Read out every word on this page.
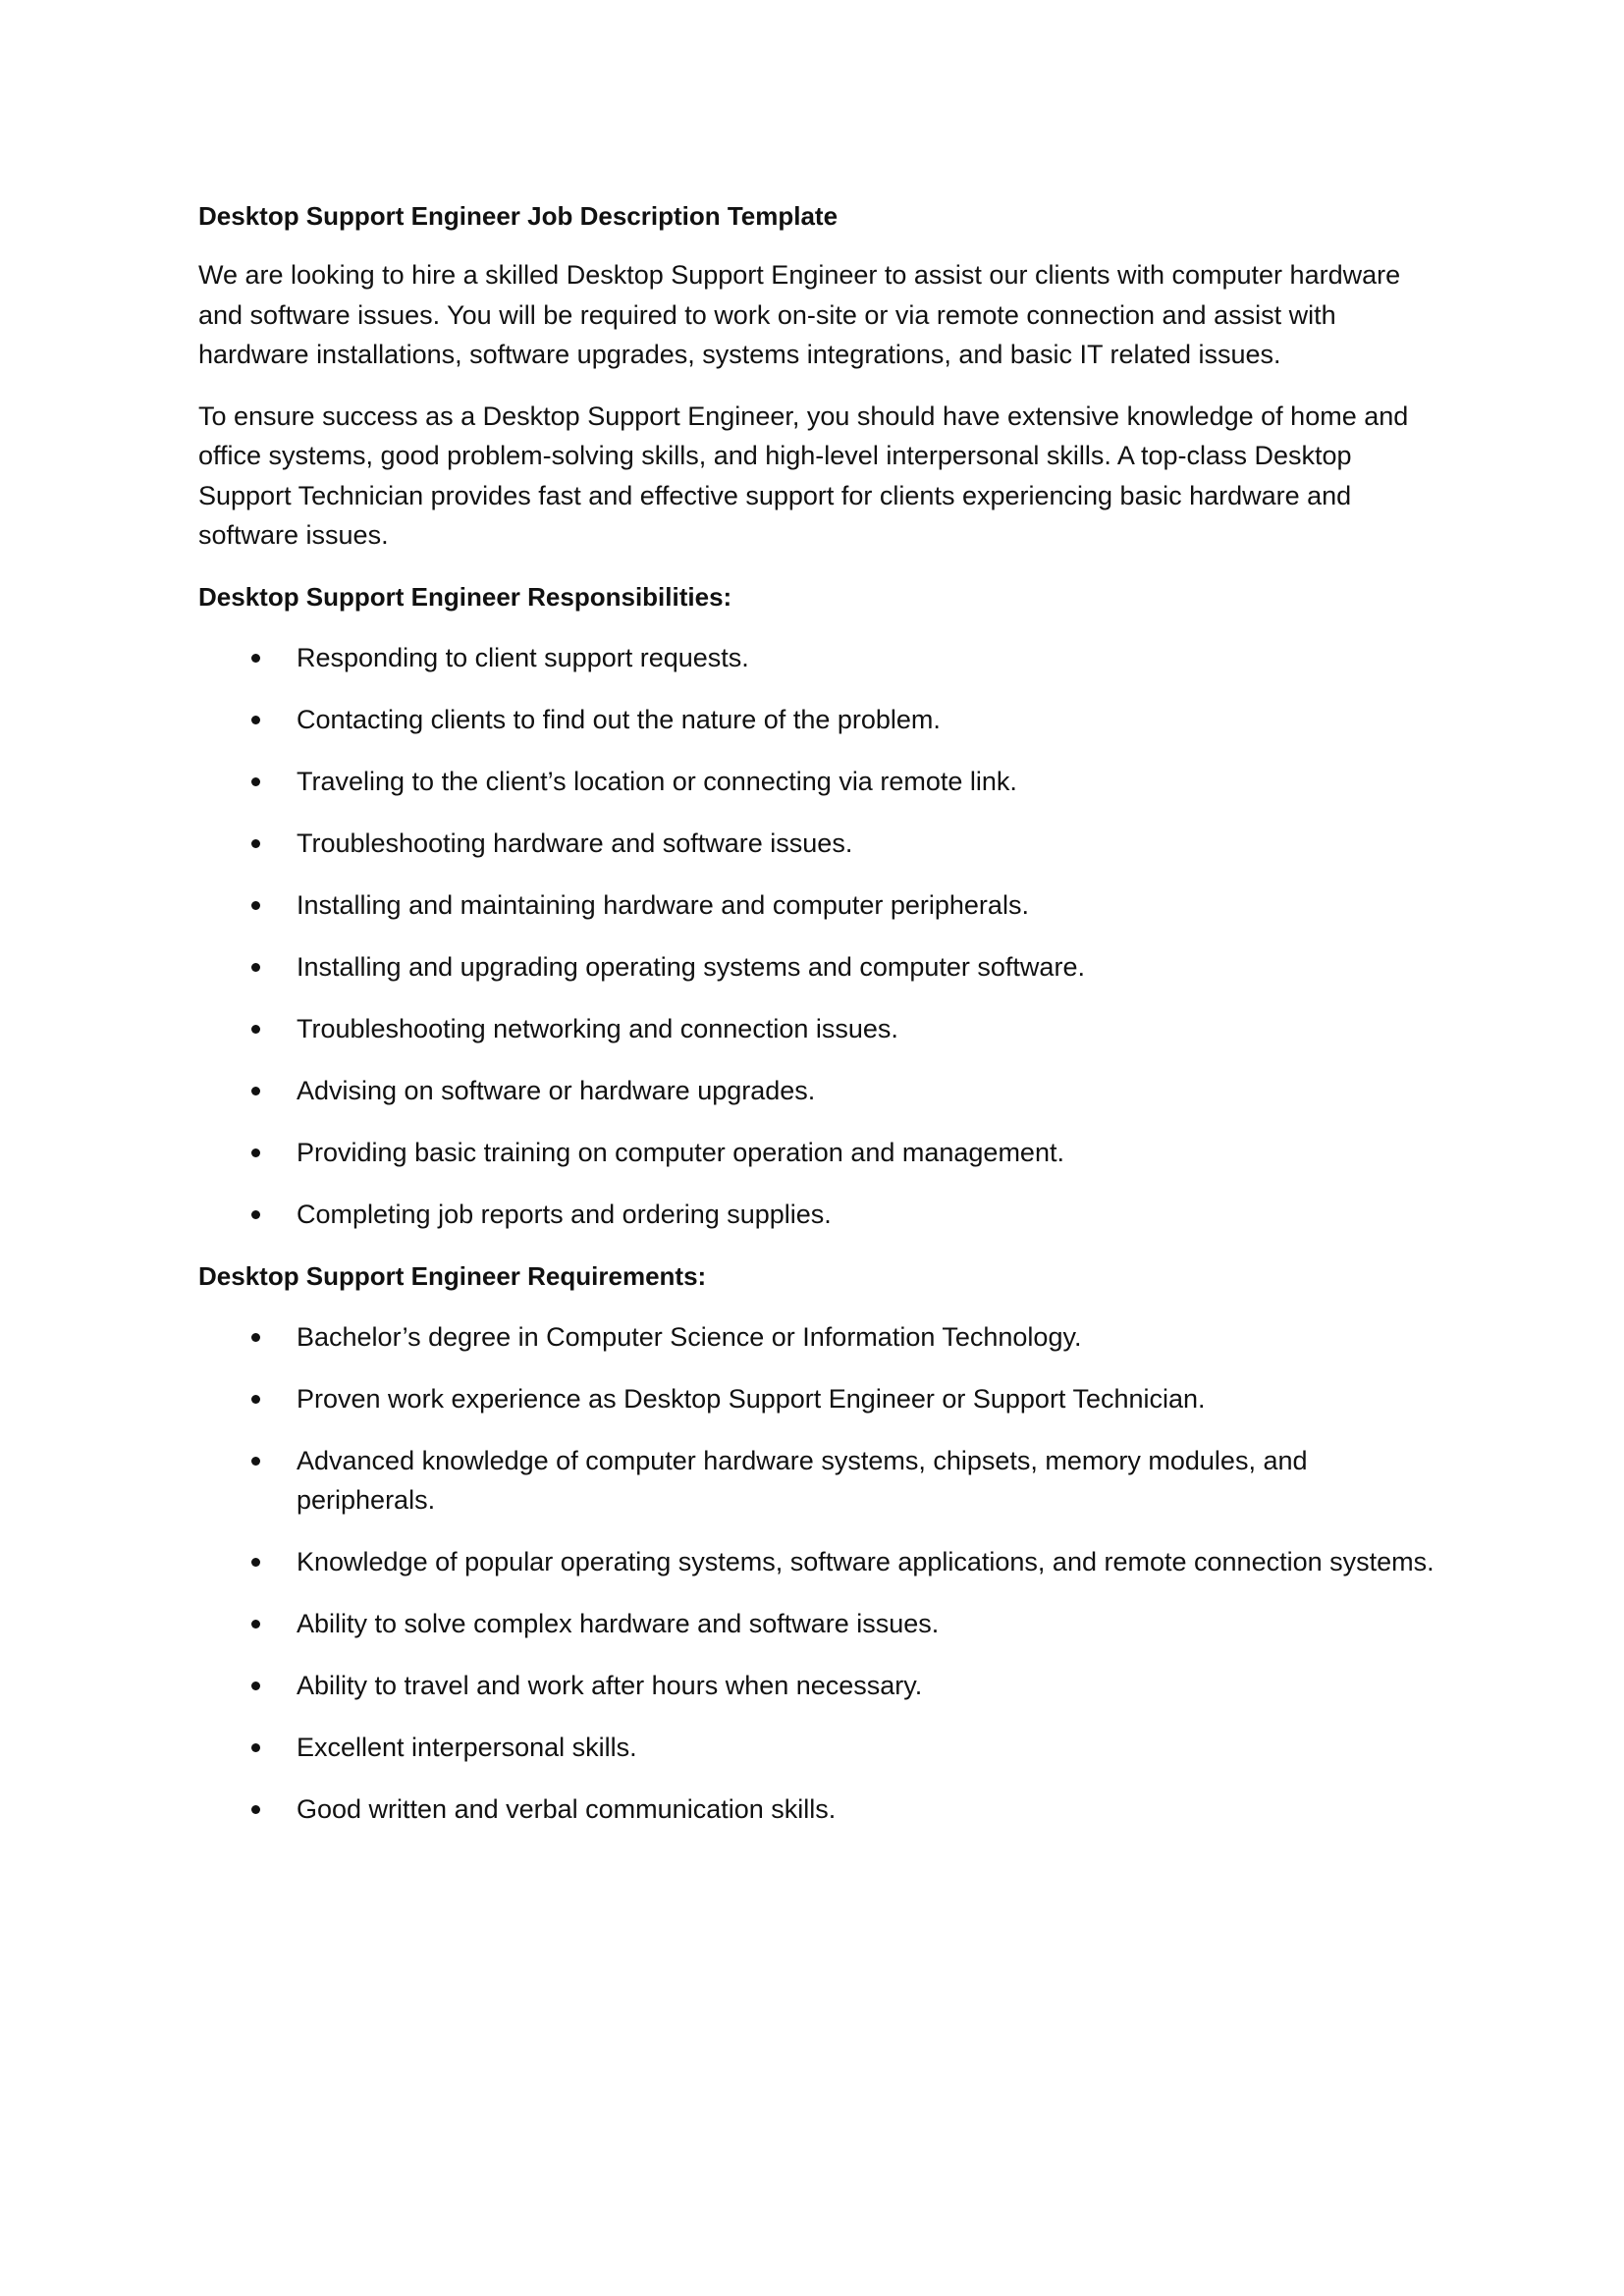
Desktop Support Engineer Job Description Template

We are looking to hire a skilled Desktop Support Engineer to assist our clients with computer hardware and software issues. You will be required to work on-site or via remote connection and assist with hardware installations, software upgrades, systems integrations, and basic IT related issues.

To ensure success as a Desktop Support Engineer, you should have extensive knowledge of home and office systems, good problem-solving skills, and high-level interpersonal skills. A top-class Desktop Support Technician provides fast and effective support for clients experiencing basic hardware and software issues.

Desktop Support Engineer Responsibilities:
Responding to client support requests.
Contacting clients to find out the nature of the problem.
Traveling to the client’s location or connecting via remote link.
Troubleshooting hardware and software issues.
Installing and maintaining hardware and computer peripherals.
Installing and upgrading operating systems and computer software.
Troubleshooting networking and connection issues.
Advising on software or hardware upgrades.
Providing basic training on computer operation and management.
Completing job reports and ordering supplies.
Desktop Support Engineer Requirements:
Bachelor’s degree in Computer Science or Information Technology.
Proven work experience as Desktop Support Engineer or Support Technician.
Advanced knowledge of computer hardware systems, chipsets, memory modules, and peripherals.
Knowledge of popular operating systems, software applications, and remote connection systems.
Ability to solve complex hardware and software issues.
Ability to travel and work after hours when necessary.
Excellent interpersonal skills.
Good written and verbal communication skills.
